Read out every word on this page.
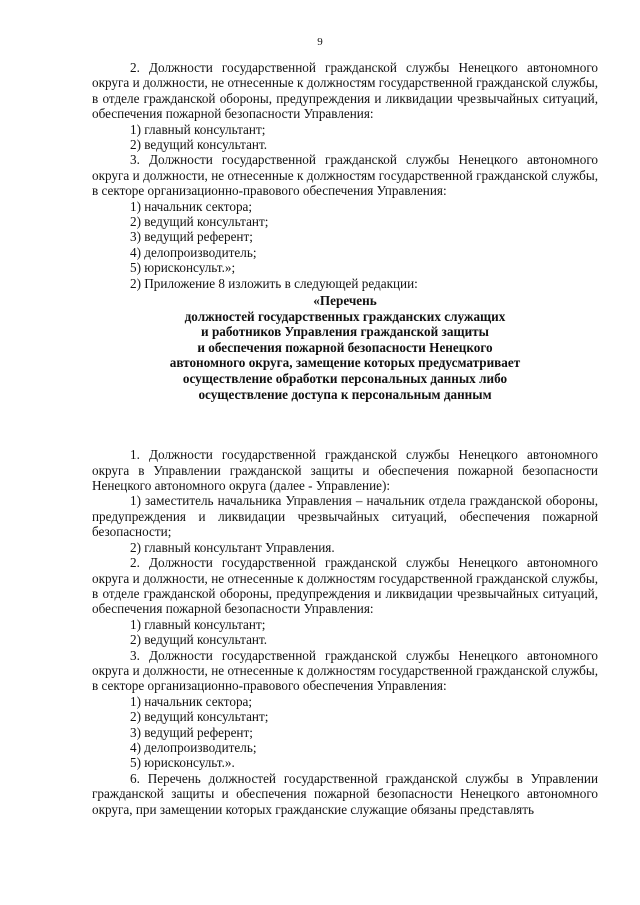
9

2. Должности государственной гражданской службы Ненецкого автономного округа и должности, не отнесенные к должностям государственной гражданской службы, в отделе гражданской обороны, предупреждения и ликвидации чрезвычайных ситуаций, обеспечения пожарной безопасности Управления:

1) главный консультант;

2) ведущий консультант.

3. Должности государственной гражданской службы Ненецкого автономного округа и должности, не отнесенные к должностям государственной гражданской службы, в секторе организационно-правового обеспечения Управления:

1) начальник сектора;

2) ведущий консультант;

3) ведущий референт;

4) делопроизводитель;

5) юрисконсульт.»;

2) Приложение 8 изложить в следующей редакции:

«Перечень
должностей государственных гражданских служащих
и работников Управления гражданской защиты
и обеспечения пожарной безопасности Ненецкого
автономного округа, замещение которых предусматривает
осуществление обработки персональных данных либо
осуществление доступа к персональным данным

1. Должности государственной гражданской службы Ненецкого автономного округа в Управлении гражданской защиты и обеспечения пожарной безопасности Ненецкого автономного округа (далее - Управление):

1) заместитель начальника Управления – начальник отдела гражданской обороны, предупреждения и ликвидации чрезвычайных ситуаций, обеспечения пожарной безопасности;

2) главный консультант Управления.

2. Должности государственной гражданской службы Ненецкого автономного округа и должности, не отнесенные к должностям государственной гражданской службы, в отделе гражданской обороны, предупреждения и ликвидации чрезвычайных ситуаций, обеспечения пожарной безопасности Управления:

1) главный консультант;

2) ведущий консультант.

3. Должности государственной гражданской службы Ненецкого автономного округа и должности, не отнесенные к должностям государственной гражданской службы, в секторе организационно-правового обеспечения Управления:

1) начальник сектора;

2) ведущий консультант;

3) ведущий референт;

4) делопроизводитель;

5) юрисконсульт.».

6. Перечень должностей государственной гражданской службы в Управлении гражданской защиты и обеспечения пожарной безопасности Ненецкого автономного округа, при замещении которых гражданские служащие обязаны представлять
